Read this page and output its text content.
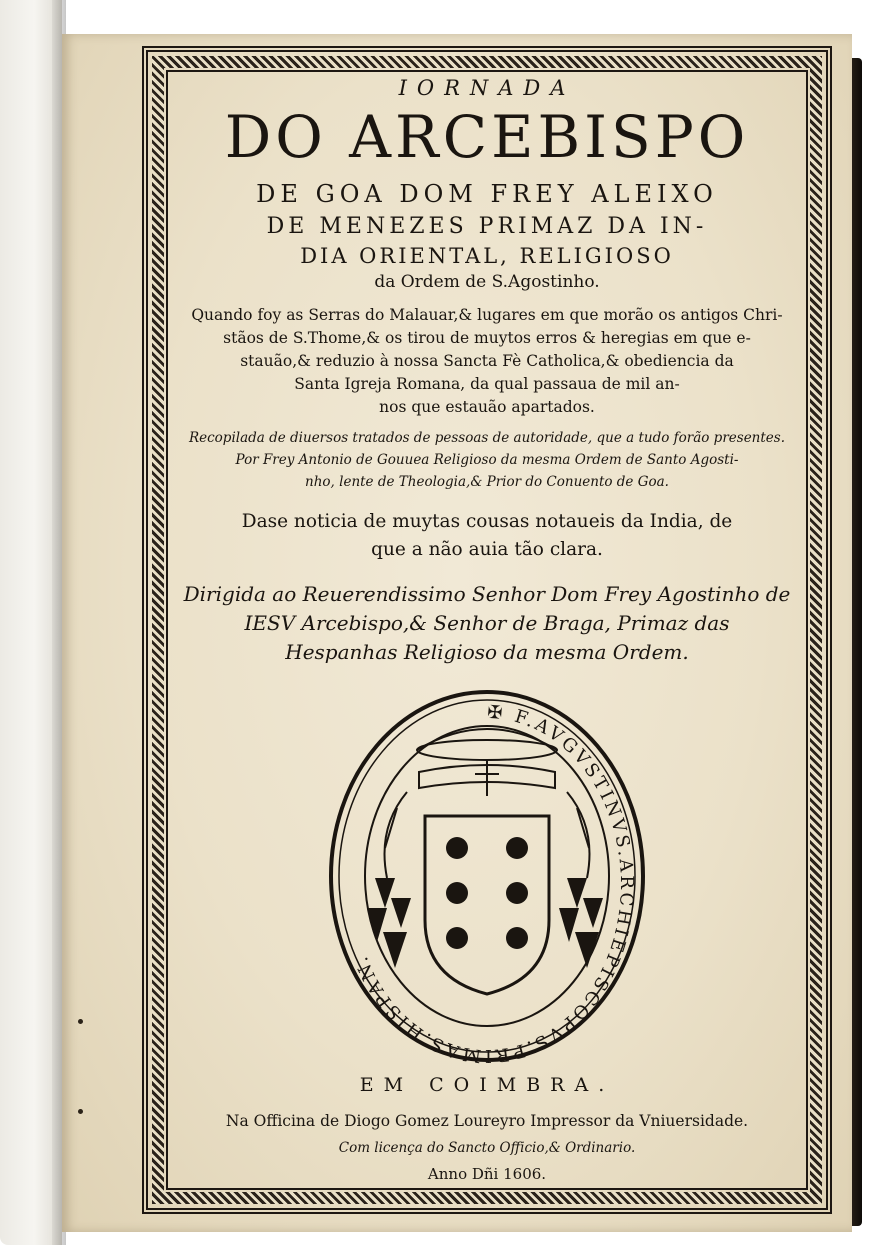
IORNADA
DO ARCEBISPO
DE GOA DOM FREY ALEIXO
DE MENEZES PRIMAZ DA IN-
DIA ORIENTAL, RELIGIOSO
da Ordem de S.Agostinho.
Quando foy as Serras do Malauar,& lugares em que morão os antigos Chri-
stãos de S.Thome,& os tirou de muytos erros & heregias em que e-
stauão,& reduzio à nossa Sancta Fè Catholica,& obediencia da
Santa Igreja Romana, da qual passaua de mil an-
nos que estauão apartados.
Recopilada de diuersos tratados de pessoas de autoridade, que a tudo forão presentes.
Por Frey Antonio de Gouuea Religioso da mesma Ordem de Santo Agosti-
nho, lente de Theologia,& Prior do Conuento de Goa.
Dase noticia de muytas cousas notaueis da India, de
que a não auia tão clara.
Dirigida ao Reuerendissimo Senhor Dom Frey Agostinho de
IESV Arcebispo,& Senhor de Braga, Primaz das
Hespanhas Religioso da mesma Ordem.
✠ F.AVGVSTINVS.ARCHIEPISCOPVS.PRIMAS.HISPAN.
EM COIMBRA.
Na Officina de Diogo Gomez Loureyro Impressor da Vniuersidade.
Com licença do Sancto Officio,& Ordinario.
Anno Dñi 1606.
